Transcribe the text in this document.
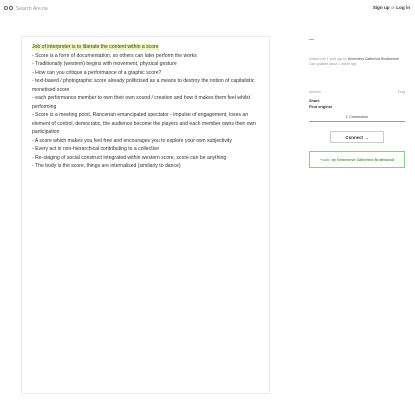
Search Are.na
Sign up or Log in

Job of interpreter is to liberate the content within a score

- Score is a form of documentation, so others can later perform the works

- Traditionally (western) begins with movement, physical gesture

- How can you critique a performance of a graphic score?

- text-based / photographic score already politicised as a means to destroy the notion of capitalistic monetised score

- each performance member to own their own sound / creation and how it makes them feel whilst performing

- Score is a meeting point, Rancerian emancipated spectator - impulse of engagement, loses an element of control, democratic, the audience become the players and each member owns their own participation

- A score which makes you feel free and encourages you to explore your own subjectivity

- Every act is non-hierarchical contributing to a collective

- Re-staging of social construct integrated within western score, score can be anything

- The body is the score, things are internalised (similarly to dance)

—
Added over 1 year ago by Genevieve Catherine Brothwood
Last updated about 1 month ago
Actions	Flag
Share
Find original
1 Connection
Connect →
*radio by Genevieve Catherine Brothwood
